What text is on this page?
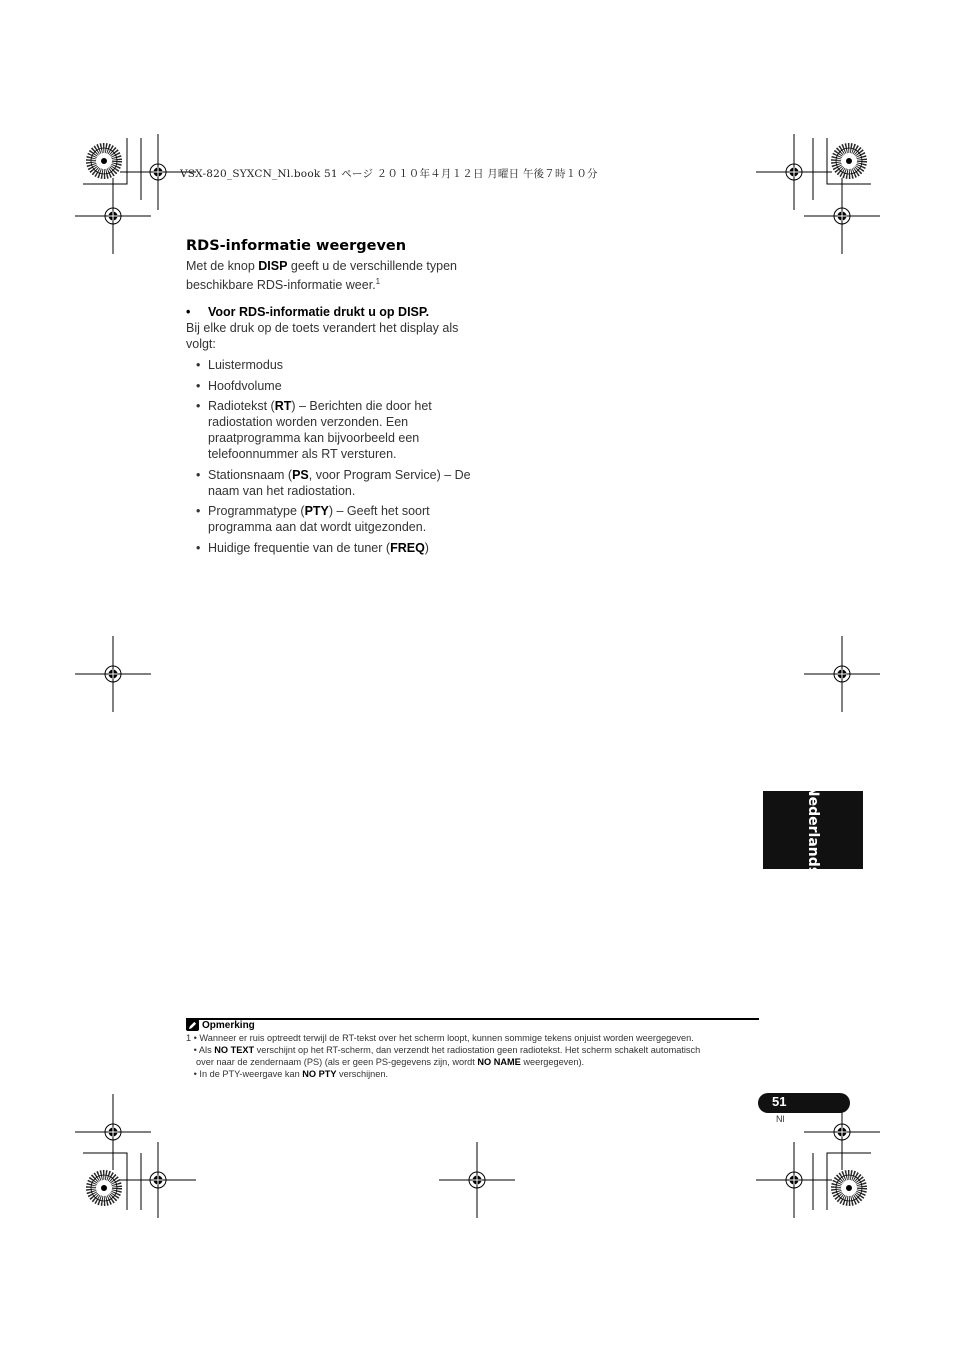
VSX-820_SYXCN_Nl.book 51 ページ ２０１０年４月１２日 月曜日 午後７時１０分
RDS-informatie weergeven

Met de knop DISP geeft u de verschillende typen beschikbare RDS-informatie weer.$^1$

• Voor RDS-informatie drukt u op DISP.

Bij elke druk op de toets verandert het display als volgt:

• Luistermodus
• Hoofdvolume
• Radiotekst (RT) – Berichten die door het radiostation worden verzonden. Een praatprogramma kan bijvoorbeeld een telefoonnummer als RT versturen.
• Stationsnaam (PS, voor Program Service) – De naam van het radiostation.
• Programmatype (PTY) – Geeft het soort programma aan dat wordt uitgezonden.
• Huidige frequentie van de tuner (FREQ)
Nederlands
Opmerking
1 • Wanneer er ruis optreedt terwijl de RT-tekst over het scherm loopt, kunnen sommige tekens onjuist worden weergegeven.
• Als NO TEXT verschijnt op het RT-scherm, dan verzendt het radiostation geen radiotekst. Het scherm schakelt automatisch
over naar de zendernaam (PS) (als er geen PS-gegevens zijn, wordt NO NAME weergegeven).
• In de PTY-weergave kan NO PTY verschijnen.
51
Nl
